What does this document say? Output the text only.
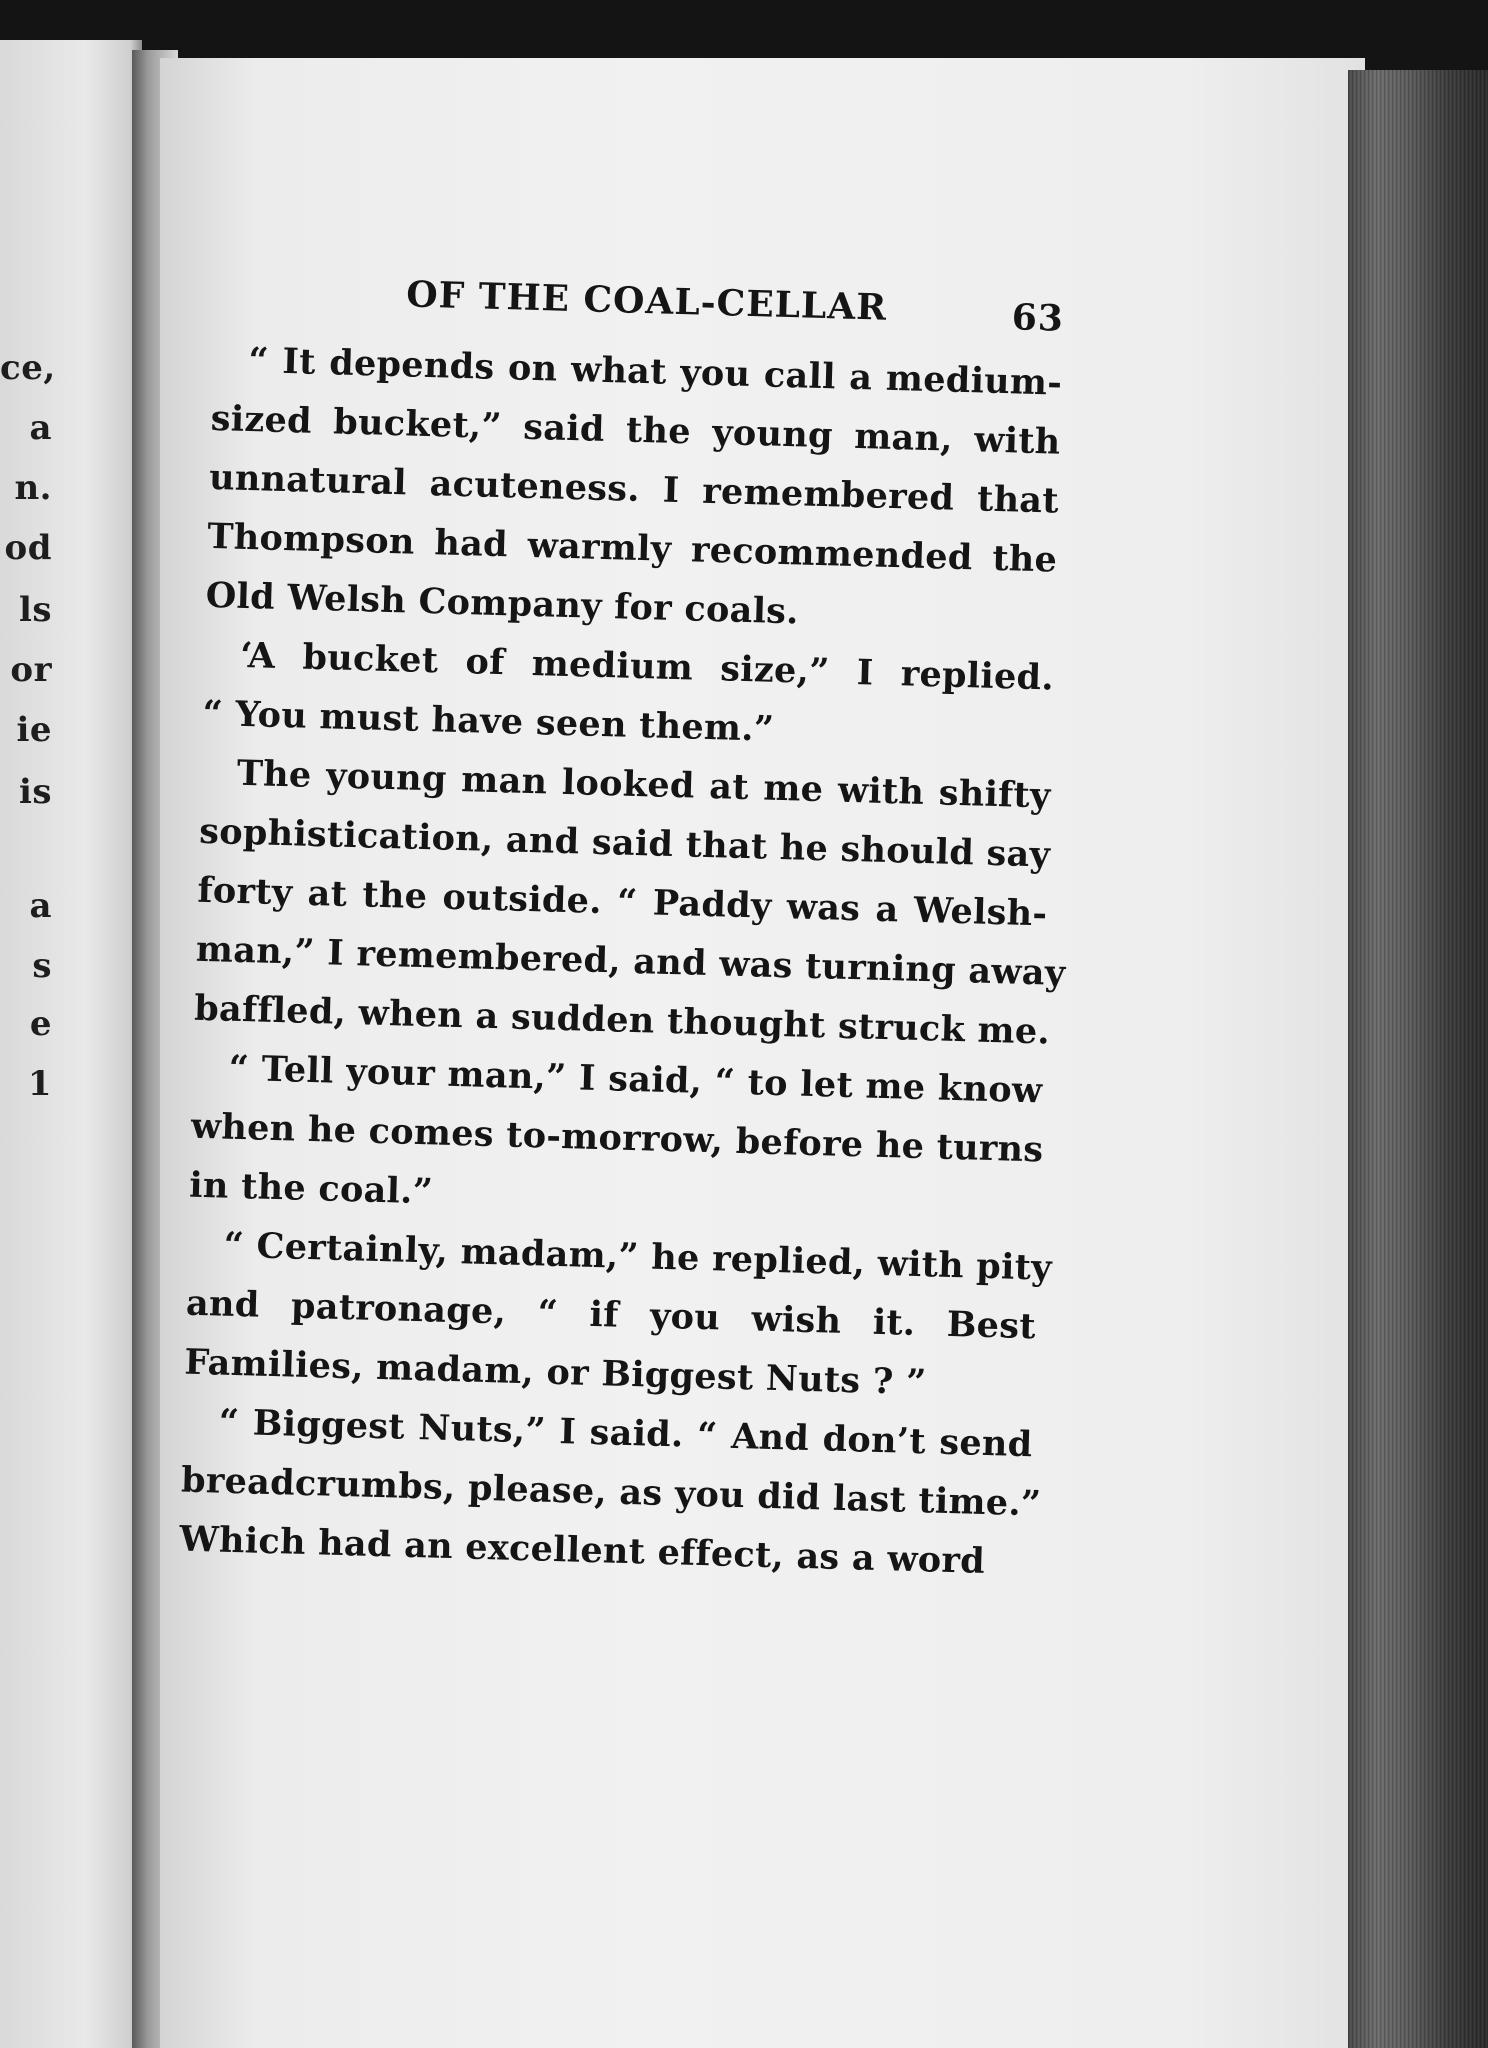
ce,
a
n.
od
ls
or
ie
is
a
s
e
1
OF THE COAL-CELLAR	63
“ It depends on what you call a medium-
sized bucket,” said the young man, with
unnatural acuteness. I remembered that
Thompson had warmly recommended the
Old Welsh Company for coals.
‘A bucket of medium size,” I replied.
“ You must have seen them.”
The young man looked at me with shifty
sophistication, and said that he should say
forty at the outside. “ Paddy was a Welsh-
man,” I remembered, and was turning away
baffled, when a sudden thought struck me.
“ Tell your man,” I said, “ to let me know
when he comes to-morrow, before he turns
in the coal.”
“ Certainly, madam,” he replied, with pity
and patronage, “ if you wish it. Best
Families, madam, or Biggest Nuts ? ”
“ Biggest Nuts,” I said. “ And don’t send
breadcrumbs, please, as you did last time.”
Which had an excellent effect, as a word
